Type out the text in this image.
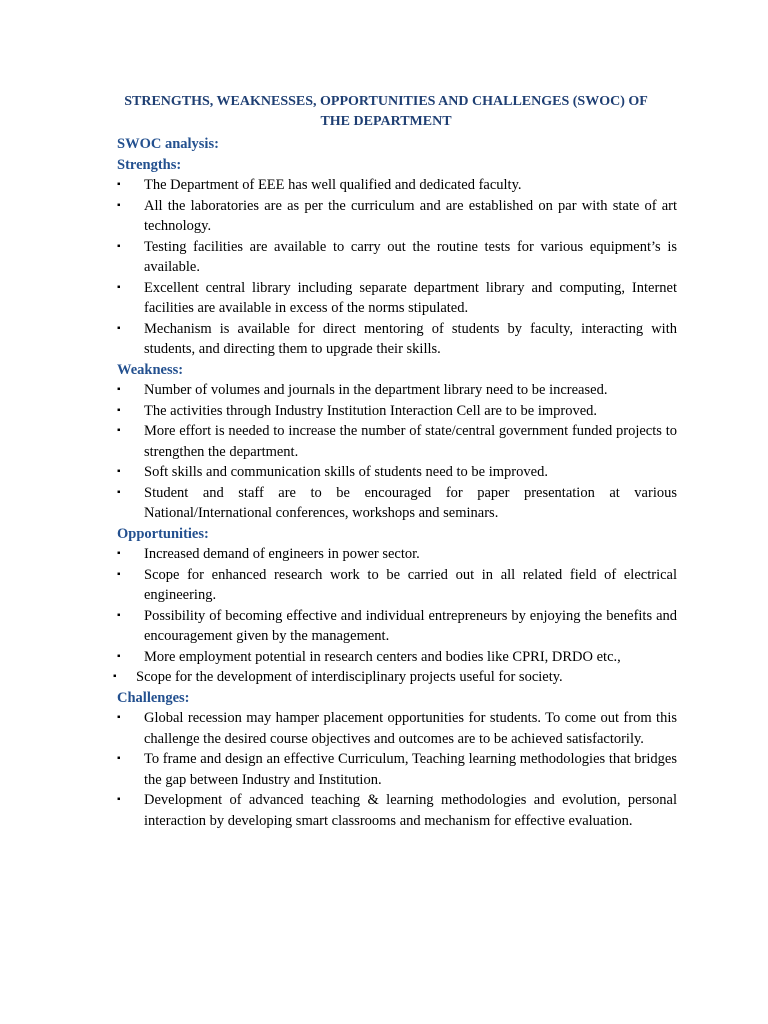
STRENGTHS, WEAKNESSES, OPPORTUNITIES AND CHALLENGES (SWOC) OF
THE DEPARTMENT

SWOC analysis:

Strengths:

▪ The Department of EEE has well qualified and dedicated faculty.
▪ All the laboratories are as per the curriculum and are established on par with state of art technology.
▪ Testing facilities are available to carry out the routine tests for various equipment’s is available.
▪ Excellent central library including separate department library and computing, Internet facilities are available in excess of the norms stipulated.
▪ Mechanism is available for direct mentoring of students by faculty, interacting with students, and directing them to upgrade their skills.

Weakness:

▪ Number of volumes and journals in the department library need to be increased.
▪ The activities through Industry Institution Interaction Cell are to be improved.
▪ More effort is needed to increase the number of state/central government funded projects to strengthen the department.
▪ Soft skills and communication skills of students need to be improved.
▪ Student and staff are to be encouraged for paper presentation at various National/International conferences, workshops and seminars.

Opportunities:

▪ Increased demand of engineers in power sector.
▪ Scope for enhanced research work to be carried out in all related field of electrical engineering.
▪ Possibility of becoming effective and individual entrepreneurs by enjoying the benefits and encouragement given by the management.
▪ More employment potential in research centers and bodies like CPRI, DRDO etc.,
▪ Scope for the development of interdisciplinary projects useful for society.

Challenges:

▪ Global recession may hamper placement opportunities for students. To come out from this challenge the desired course objectives and outcomes are to be achieved satisfactorily.
▪ To frame and design an effective Curriculum, Teaching learning methodologies that bridges the gap between Industry and Institution.
▪ Development of advanced teaching & learning methodologies and evolution, personal interaction by developing smart classrooms and mechanism for effective evaluation.
